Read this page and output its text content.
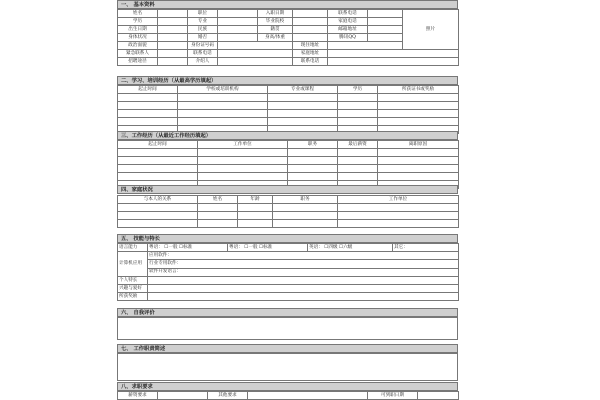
一、 基本资料
姓名		职位		入职日期		联系电话		照片
学历		专业		毕业院校		家庭电话		
出生日期		民族		籍贯		邮箱地址		
身体状况		婚否		身高/体重		腾讯QQ		
政治面貌		身份证号码			现住地址			
紧急联系人		联系电话			家庭地址			
招聘途径		介绍人			联系电话			
二、学习、培训经历（从最高学历填起）
起止时间	学校或培训机构	专业或课程	学历	所获证书或奖励

三、工作经历（从最近工作经历填起）
起止时间	工作单位	职务	最后薪资	离职原因

四、家庭状况
与本人的关系	姓名	年龄	职务	工作单位

五、 技能与特长
语言能力	粤语： ☐一般 ☐标准	粤语： ☐一般 ☐标准	英语： ☐四级 ☐六级	其它：
计算机应用	应用软件：			
	行业专用软件：			
	软件开发语言：			
个人特长				
兴趣与爱好				
所获奖励				
六、 自我评价
七、 工作职责简述
八、求职要求
薪资要求		其他要求		可到职日期	
